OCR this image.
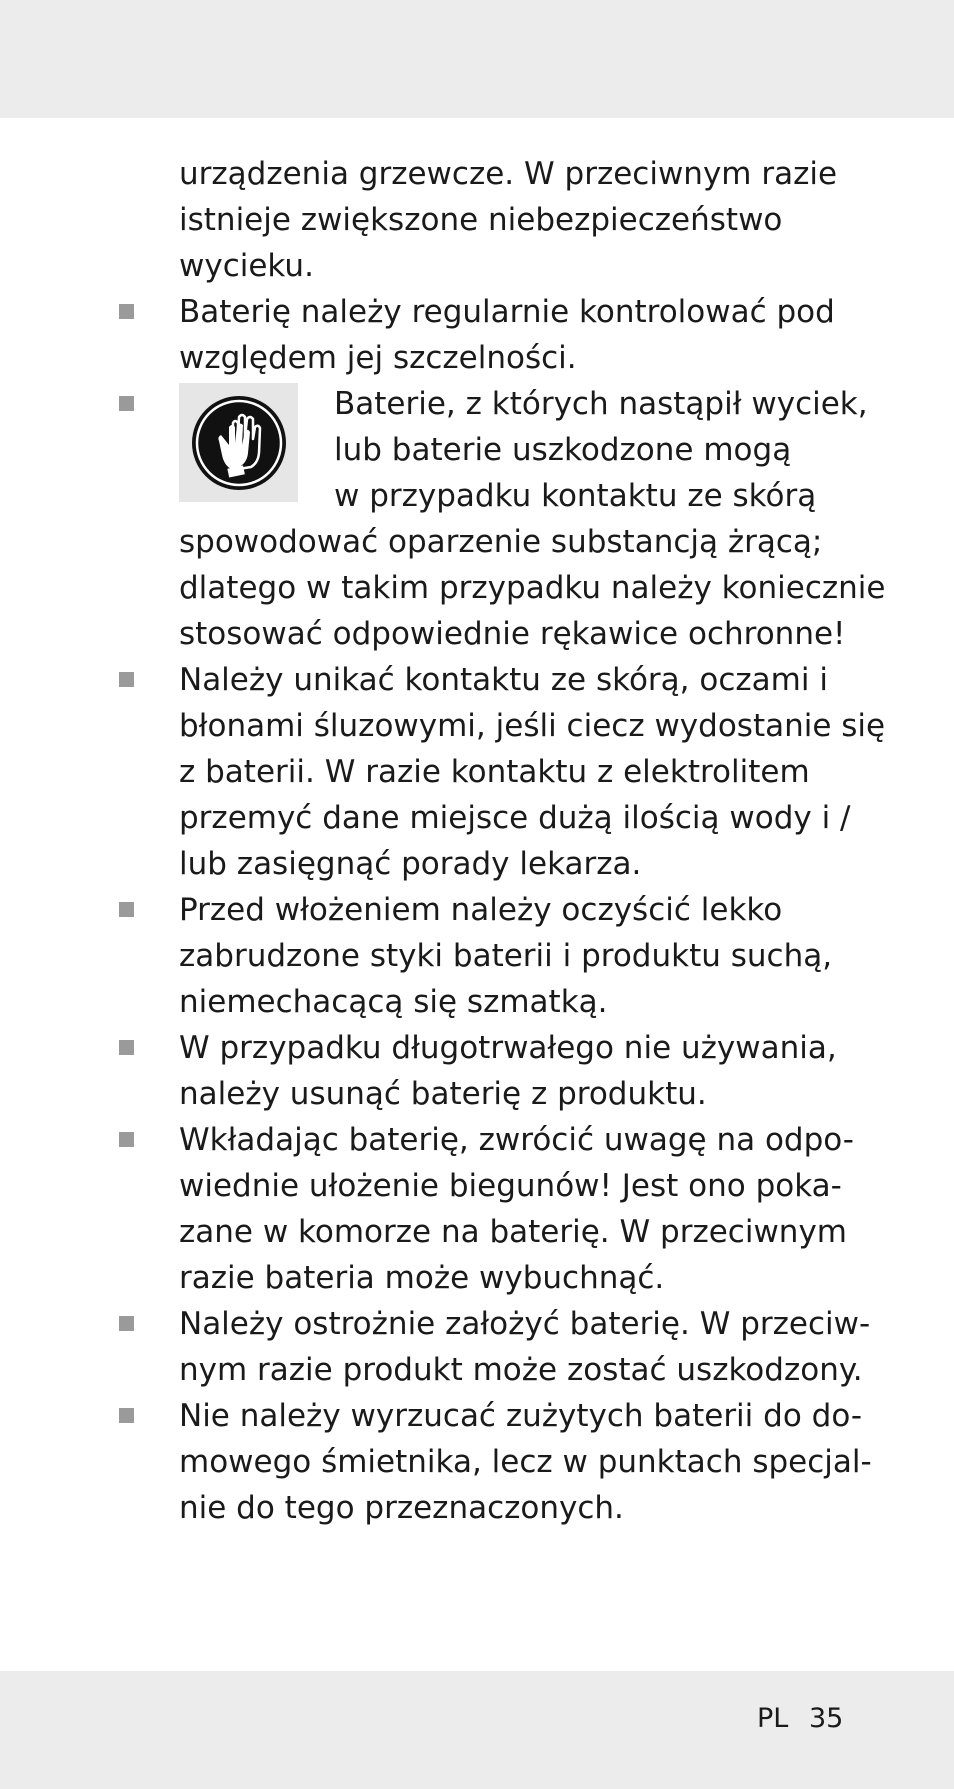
urządzenia grzewcze. W przeciwnym razie
istnieje zwiększone niebezpieczeństwo
wycieku.
Baterię należy regularnie kontrolować pod
względem jej szczelności.
Baterie, z których nastąpił wyciek,
lub baterie uszkodzone mogą
w przypadku kontaktu ze skórą
spowodować oparzenie substancją żrącą;
dlatego w takim przypadku należy koniecznie
stosować odpowiednie rękawice ochronne!
Należy unikać kontaktu ze skórą, oczami i
błonami śluzowymi, jeśli ciecz wydostanie się
z baterii. W razie kontaktu z elektrolitem
przemyć dane miejsce dużą ilością wody i /
lub zasięgnąć porady lekarza.
Przed włożeniem należy oczyścić lekko
zabrudzone styki baterii i produktu suchą,
niemechacącą się szmatką.
W przypadku długotrwałego nie używania,
należy usunąć baterię z produktu.
Wkładając baterię, zwrócić uwagę na odpo-
wiednie ułożenie biegunów! Jest ono poka-
zane w komorze na baterię. W przeciwnym
razie bateria może wybuchnąć.
Należy ostrożnie założyć baterię. W przeciw-
nym razie produkt może zostać uszkodzony.
Nie należy wyrzucać zużytych baterii do do-
mowego śmietnika, lecz w punktach specjal-
nie do tego przeznaczonych.
PL 35
